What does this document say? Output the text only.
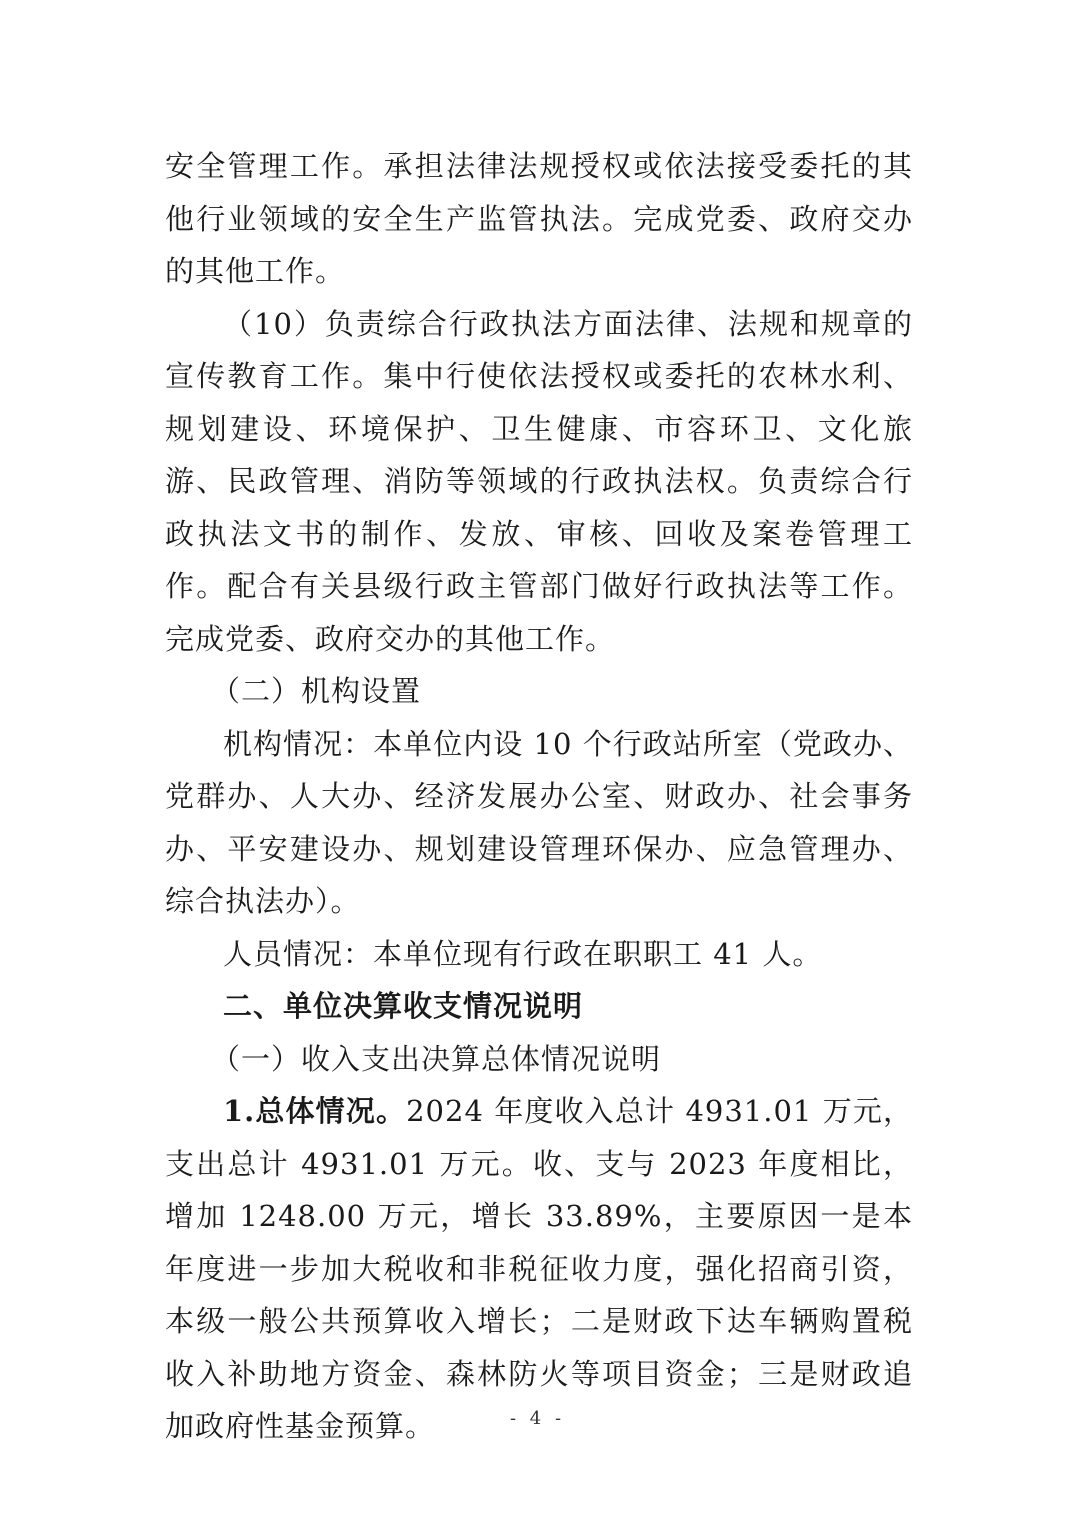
安全管理工作。承担法律法规授权或依法接受委托的其他行业领域的安全生产监管执法。完成党委、政府交办的其他工作。

（10）负责综合行政执法方面法律、法规和规章的宣传教育工作。集中行使依法授权或委托的农林水利、规划建设、环境保护、卫生健康、市容环卫、文化旅游、民政管理、消防等领域的行政执法权。负责综合行政执法文书的制作、发放、审核、回收及案卷管理工作。配合有关县级行政主管部门做好行政执法等工作。完成党委、政府交办的其他工作。

（二）机构设置

机构情况：本单位内设 10 个行政站所室（党政办、党群办、人大办、经济发展办公室、财政办、社会事务办、平安建设办、规划建设管理环保办、应急管理办、综合执法办）。

人员情况：本单位现有行政在职职工 41 人。

二、单位决算收支情况说明

（一）收入支出决算总体情况说明

1.总体情况。2024 年度收入总计 4931.01 万元，支出总计 4931.01 万元。收、支与 2023 年度相比，增加 1248.00 万元，增长 33.89%，主要原因一是本年度进一步加大税收和非税征收力度，强化招商引资，本级一般公共预算收入增长；二是财政下达车辆购置税收入补助地方资金、森林防火等项目资金；三是财政追加政府性基金预算。	- 4 -
